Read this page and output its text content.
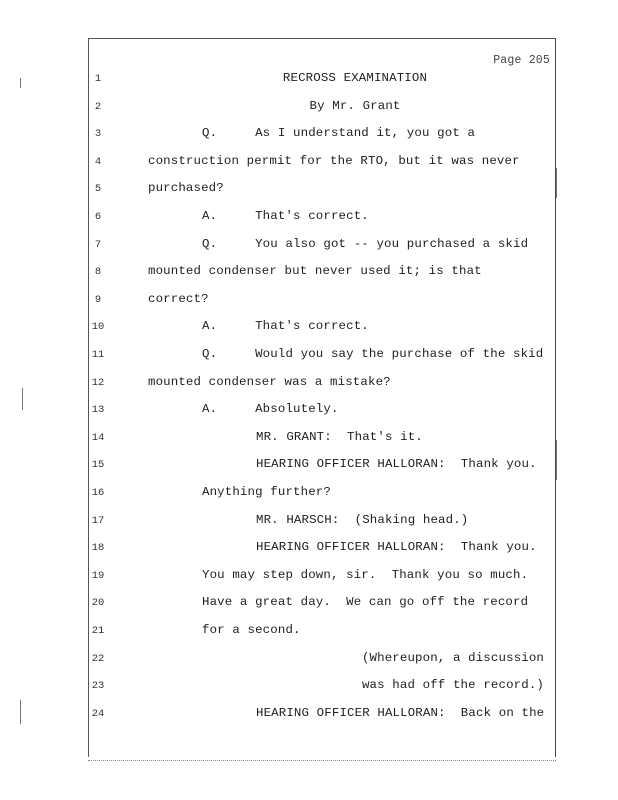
Page 205
1	RECROSS EXAMINATION
2	By Mr. Grant
3	Q.     As I understand it, you got a
4	construction permit for the RTO, but it was never
5	purchased?
6	A.     That's correct.
7	Q.     You also got -- you purchased a skid
8	mounted condenser but never used it; is that
9	correct?
10	A.     That's correct.
11	Q.     Would you say the purchase of the skid
12	mounted condenser was a mistake?
13	A.     Absolutely.
14	MR. GRANT:  That's it.
15	HEARING OFFICER HALLORAN:  Thank you.
16	Anything further?
17	MR. HARSCH:  (Shaking head.)
18	HEARING OFFICER HALLORAN:  Thank you.
19	You may step down, sir.  Thank you so much.
20	Have a great day.  We can go off the record
21	for a second.
22	(Whereupon, a discussion
23	was had off the record.)
24	HEARING OFFICER HALLORAN:  Back on the
